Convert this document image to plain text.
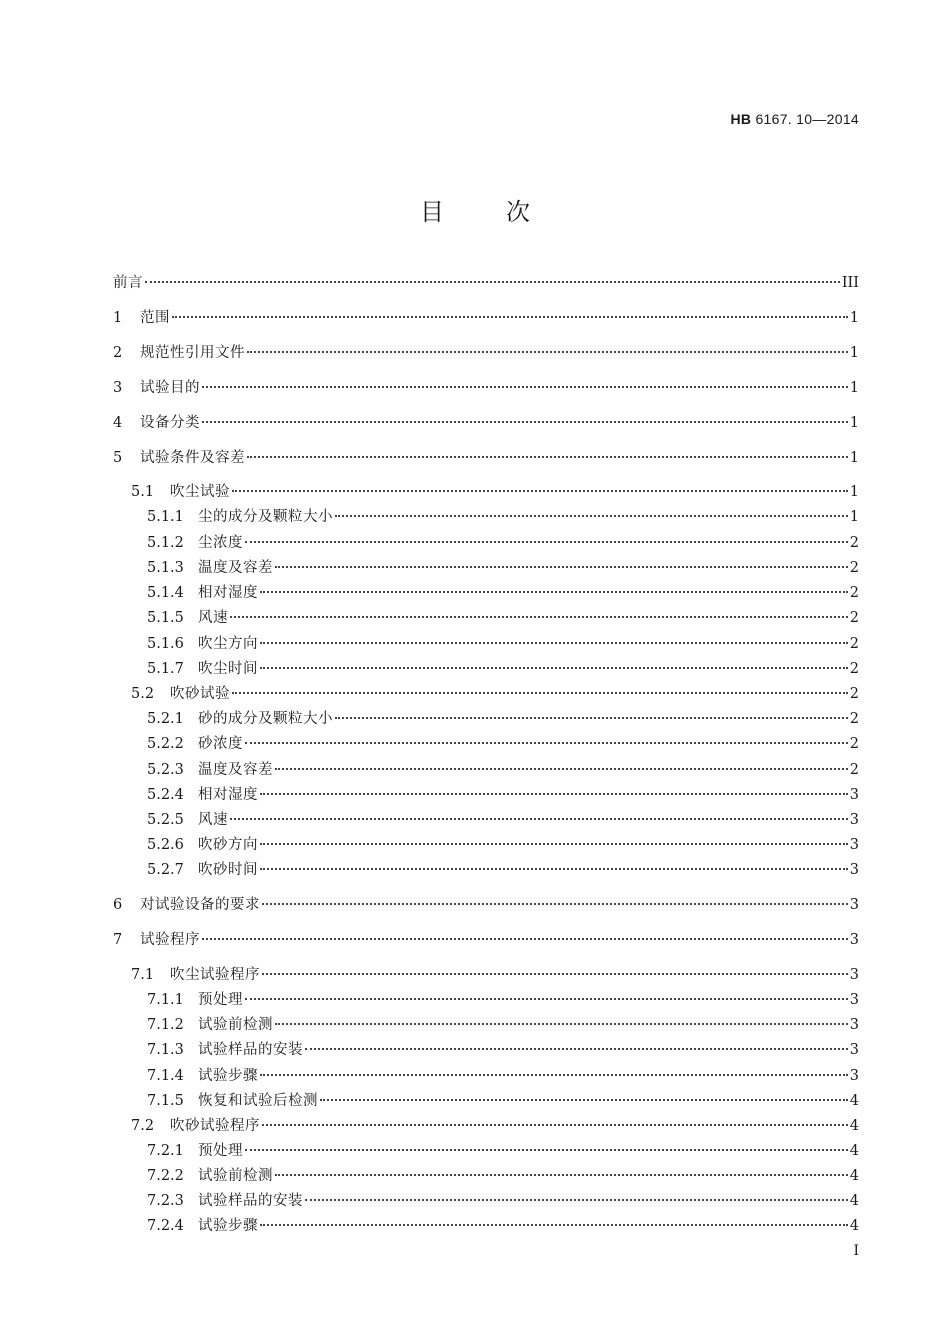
HB 6167. 10—2014
目次
前言	III
1 范围	1
2 规范性引用文件	1
3 试验目的	1
4 设备分类	1
5 试验条件及容差	1
5.1 吹尘试验	1
5.1.1 尘的成分及颗粒大小	1
5.1.2 尘浓度	2
5.1.3 温度及容差	2
5.1.4 相对湿度	2
5.1.5 风速	2
5.1.6 吹尘方向	2
5.1.7 吹尘时间	2
5.2 吹砂试验	2
5.2.1 砂的成分及颗粒大小	2
5.2.2 砂浓度	2
5.2.3 温度及容差	2
5.2.4 相对湿度	3
5.2.5 风速	3
5.2.6 吹砂方向	3
5.2.7 吹砂时间	3
6 对试验设备的要求	3
7 试验程序	3
7.1 吹尘试验程序	3
7.1.1 预处理	3
7.1.2 试验前检测	3
7.1.3 试验样品的安装	3
7.1.4 试验步骤	3
7.1.5 恢复和试验后检测	4
7.2 吹砂试验程序	4
7.2.1 预处理	4
7.2.2 试验前检测	4
7.2.3 试验样品的安装	4
7.2.4 试验步骤	4
I
